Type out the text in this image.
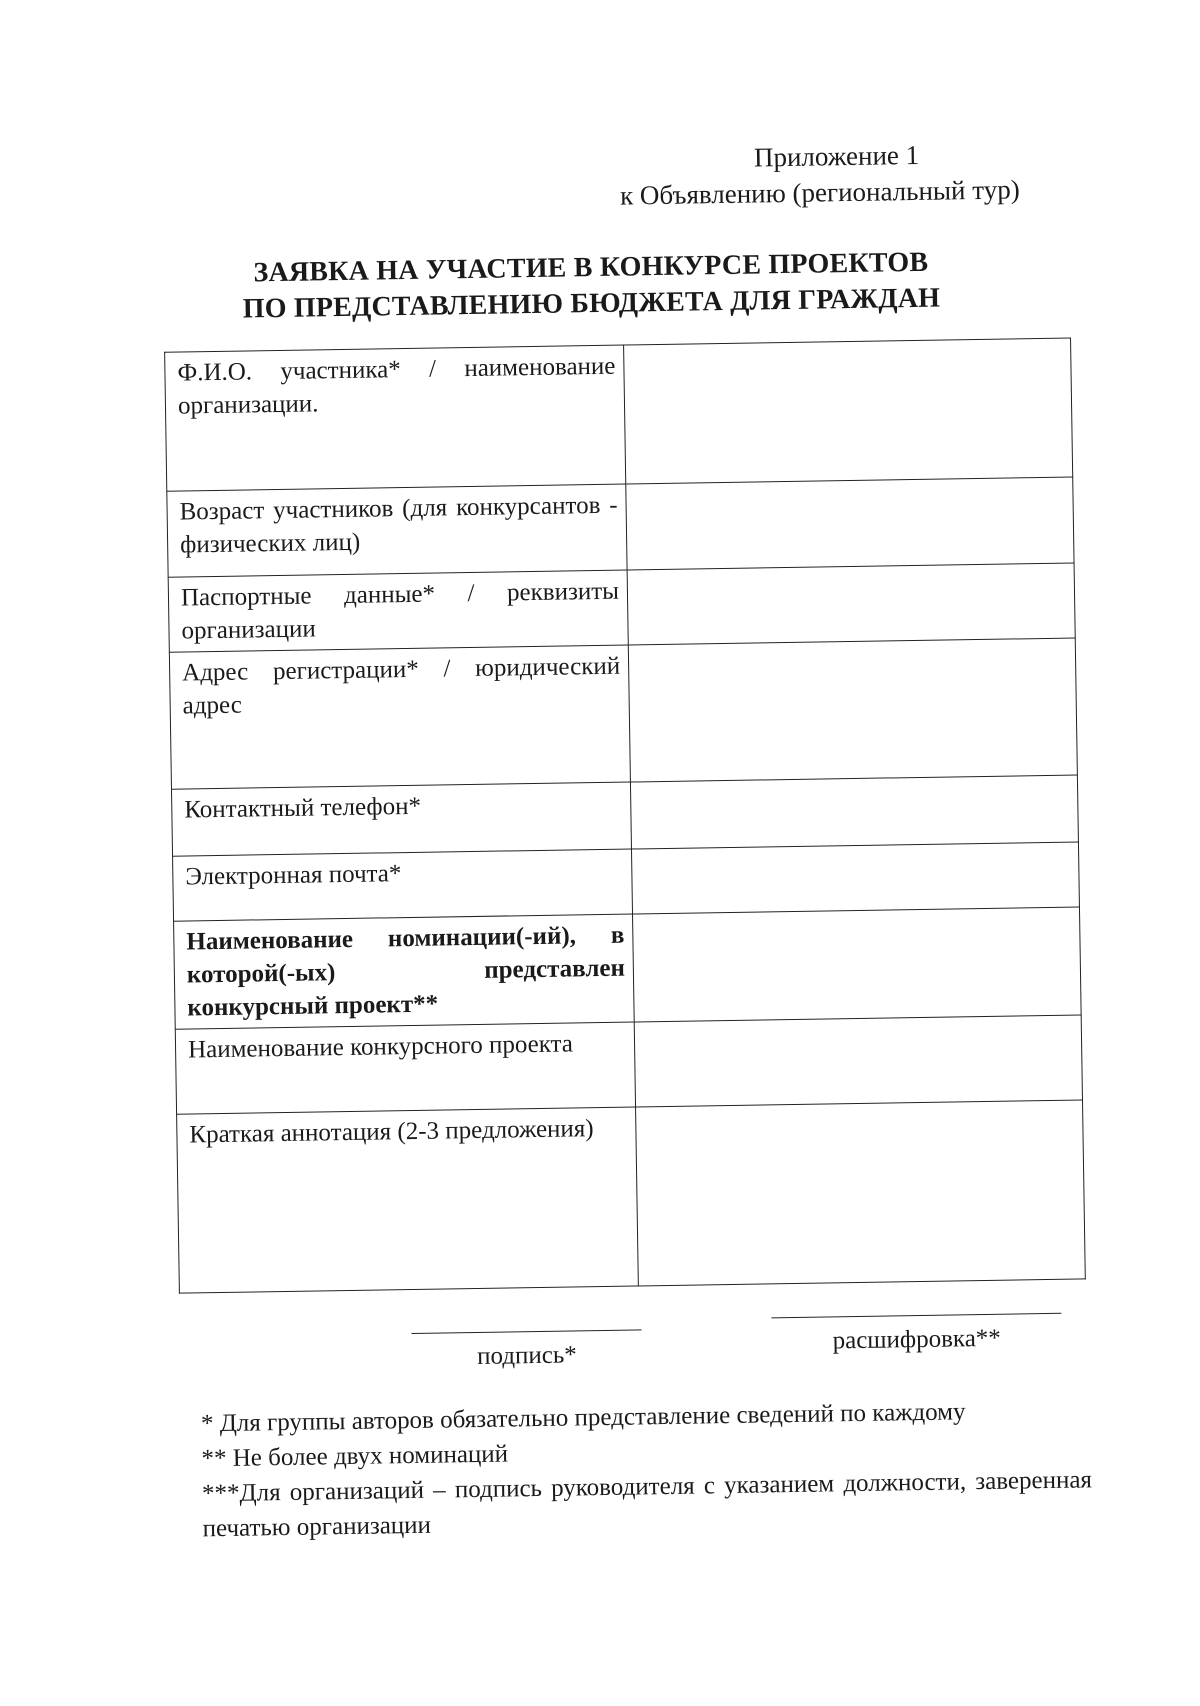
Приложение 1
к Объявлению (региональный тур)
ЗАЯВКА НА УЧАСТИЕ В КОНКУРСЕ ПРОЕКТОВ
ПО ПРЕДСТАВЛЕНИЮ БЮДЖЕТА ДЛЯ ГРАЖДАН
Ф.И.О. участника* / наименование организации.	
Возраст участников (для конкурсантов - физических лиц)	
Паспортные данные* / реквизиты организации	
Адрес регистрации* / юридический адрес	
Контактный телефон*	
Электронная почта*	
Наименование номинации(-ий), в которой(-ых) представлен конкурсный проект**	
Наименование конкурсного проекта	
Краткая аннотация (2-3 предложения)	
подпись*
расшифровка**
* Для группы авторов обязательно представление сведений по каждому
** Не более двух номинаций
***Для организаций – подпись руководителя с указанием должности, заверенная печатью организации
